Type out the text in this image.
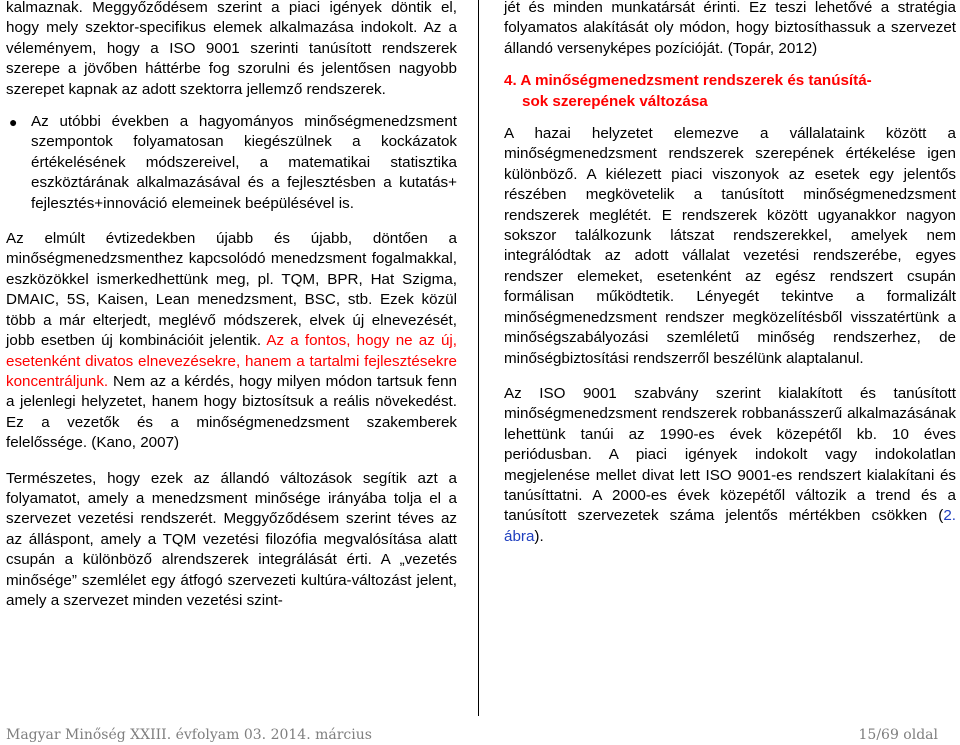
kalmaznak. Meggyőződésem szerint a piaci igények döntik el, hogy mely szektor-specifikus elemek alkalmazása indokolt. Az a véleményem, hogy a ISO 9001 szerinti tanúsított rendszerek szerepe a jövőben háttérbe fog szorulni és jelentősen nagyobb szerepet kapnak az adott szektorra jellemző rendszerek.

● Az utóbbi években a hagyományos minőségmenedzsment szempontok folyamatosan kiegészülnek a kockázatok értékelésének módszereivel, a matematikai statisztika eszköztárának alkalmazásával és a fejlesztésben a kutatás+ fejlesztés+innováció elemeinek beépülésével is.

Az elmúlt évtizedekben újabb és újabb, döntően a minőségmenedzsmenthez kapcsolódó menedzsment fogalmakkal, eszközökkel ismerkedhettünk meg, pl. TQM, BPR, Hat Szigma, DMAIC, 5S, Kaisen, Lean menedzsment, BSC, stb. Ezek közül több a már elterjedt, meglévő módszerek, elvek új elnevezését, jobb esetben új kombinációit jelentik. Az a fontos, hogy ne az új, esetenként divatos elnevezésekre, hanem a tartalmi fejlesztésekre koncentráljunk. Nem az a kérdés, hogy milyen módon tartsuk fenn a jelenlegi helyzetet, hanem hogy biztosítsuk a reális növekedést. Ez a vezetők és a minőségmenedzsment szakemberek felelőssége. (Kano, 2007)

Természetes, hogy ezek az állandó változások segítik azt a folyamatot, amely a menedzsment minősége irányába tolja el a szervezet vezetési rendszerét. Meggyőződésem szerint téves az az álláspont, amely a TQM vezetési filozófia megvalósítása alatt csupán a különböző alrendszerek integrálását érti. A „vezetés minősége” szemlélet egy átfogó szervezeti kultúra-változást jelent, amely a szervezet minden vezetési szint-

jét és minden munkatársát érinti. Ez teszi lehetővé a stratégia folyamatos alakítását oly módon, hogy biztosíthassuk a szervezet állandó versenyképes pozícióját. (Topár, 2012)

4. A minőségmenedzsment rendszerek és tanúsítá-

sok szerepének változása

A hazai helyzetet elemezve a vállalataink között a minőségmenedzsment rendszerek szerepének értékelése igen különböző. A kiélezett piaci viszonyok az esetek egy jelentős részében megkövetelik a tanúsított minőségmenedzsment rendszerek meglétét. E rendszerek között ugyanakkor nagyon sokszor találkozunk látszat rendszerekkel, amelyek nem integrálódtak az adott vállalat vezetési rendszerébe, egyes rendszer elemeket, esetenként az egész rendszert csupán formálisan működtetik. Lényegét tekintve a formalizált minőségmenedzsment rendszer megközelítésből visszatértünk a minőségszabályozási szemléletű minőség rendszerhez, de minőségbiztosítási rendszerről beszélünk alaptalanul.

Az ISO 9001 szabvány szerint kialakított és tanúsított minőségmenedzsment rendszerek robbanásszerű alkalmazásának lehettünk tanúi az 1990-es évek közepétől kb. 10 éves periódusban. A piaci igények indokolt vagy indokolatlan megjelenése mellet divat lett ISO 9001-es rendszert kialakítani és tanúsíttatni. A 2000-es évek közepétől változik a trend és a tanúsított szervezetek száma jelentős mértékben csökken (2. ábra).

Magyar Minőség XXIII. évfolyam 03. 2014. március	15/69 oldal
